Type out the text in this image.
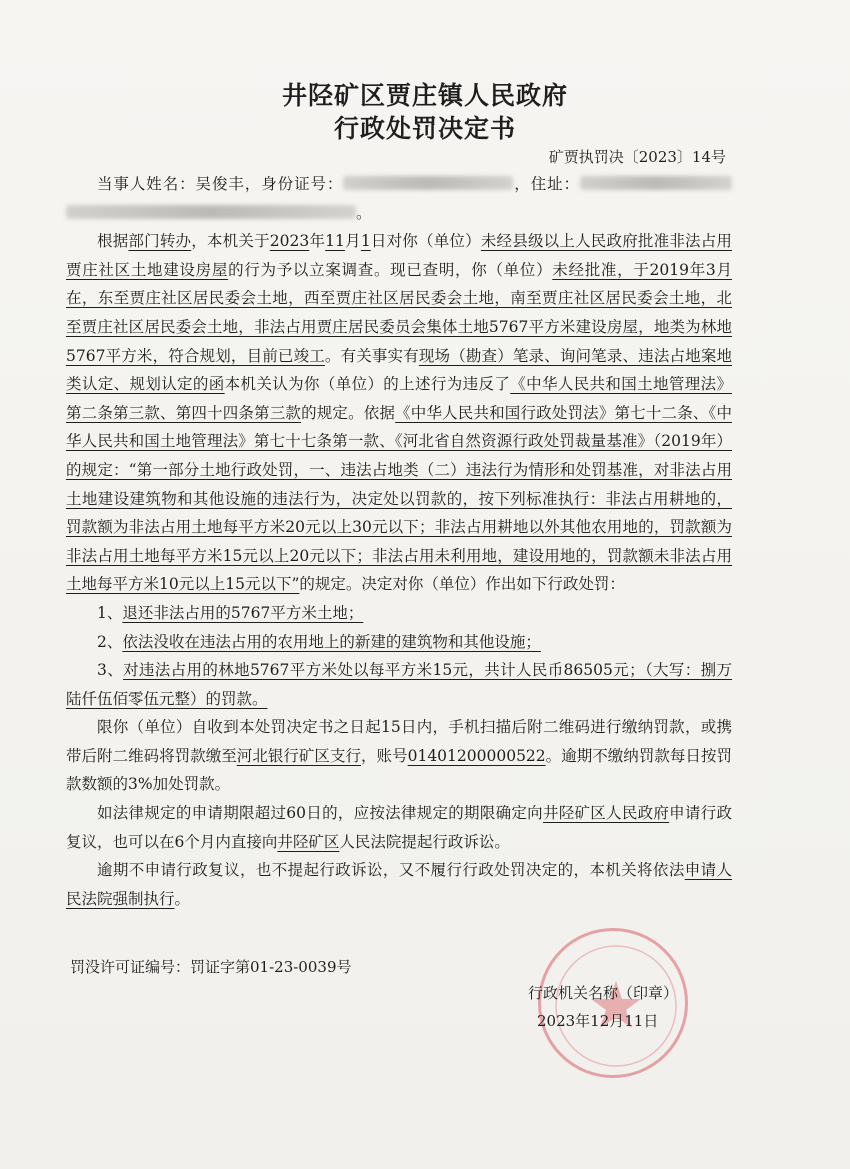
井陉矿区贾庄镇人民政府
行政处罚决定书
矿贾执罚决〔2023〕14号

当事人姓名：吴俊丰，身份证号：	，住址：。

根据部门转办，本机关于2023年11月1日对你（单位）未经县级以上人民政府批准非法占用贾庄社区土地建设房屋的行为予以立案调查。现已查明，你（单位）未经批准，于2019年3月在，东至贾庄社区居民委会土地，西至贾庄社区居民委会土地，南至贾庄社区居民委会土地，北至贾庄社区居民委会土地，非法占用贾庄居民委员会集体土地5767平方米建设房屋，地类为林地5767平方米，符合规划，目前已竣工。有关事实有现场（勘查）笔录、询问笔录、违法占地案地类认定、规划认定的函本机关认为你（单位）的上述行为违反了《中华人民共和国土地管理法》第二条第三款、第四十四条第三款的规定。依据《中华人民共和国行政处罚法》第七十二条、《中华人民共和国土地管理法》第七十七条第一款、《河北省自然资源行政处罚裁量基准》（2019年）的规定：“第一部分土地行政处罚，一、违法占地类（二）违法行为情形和处罚基准，对非法占用土地建设建筑物和其他设施的违法行为，决定处以罚款的，按下列标准执行：非法占用耕地的，罚款额为非法占用土地每平方米20元以上30元以下；非法占用耕地以外其他农用地的，罚款额为非法占用土地每平方米15元以上20元以下；非法占用未利用地，建设用地的，罚款额未非法占用土地每平方米10元以上15元以下”的规定。决定对你（单位）作出如下行政处罚：

1、退还非法占用的5767平方米土地；

2、依法没收在违法占用的农用地上的新建的建筑物和其他设施；

3、对违法占用的林地5767平方米处以每平方米15元，共计人民币86505元；（大写：捌万陆仟伍佰零伍元整）的罚款。

限你（单位）自收到本处罚决定书之日起15日内，手机扫描后附二维码进行缴纳罚款，或携带后附二维码将罚款缴至河北银行矿区支行，账号01401200000522。逾期不缴纳罚款每日按罚款数额的3%加处罚款。

如法律规定的申请期限超过60日的，应按法律规定的期限确定向井陉矿区人民政府申请行政复议，也可以在6个月内直接向井陉矿区人民法院提起行政诉讼。

逾期不申请行政复议，也不提起行政诉讼，又不履行行政处罚决定的，本机关将依法申请人民法院强制执行。

罚没许可证编号：罚证字第01-23-0039号
行政机关名称（印章）
2023年12月11日
